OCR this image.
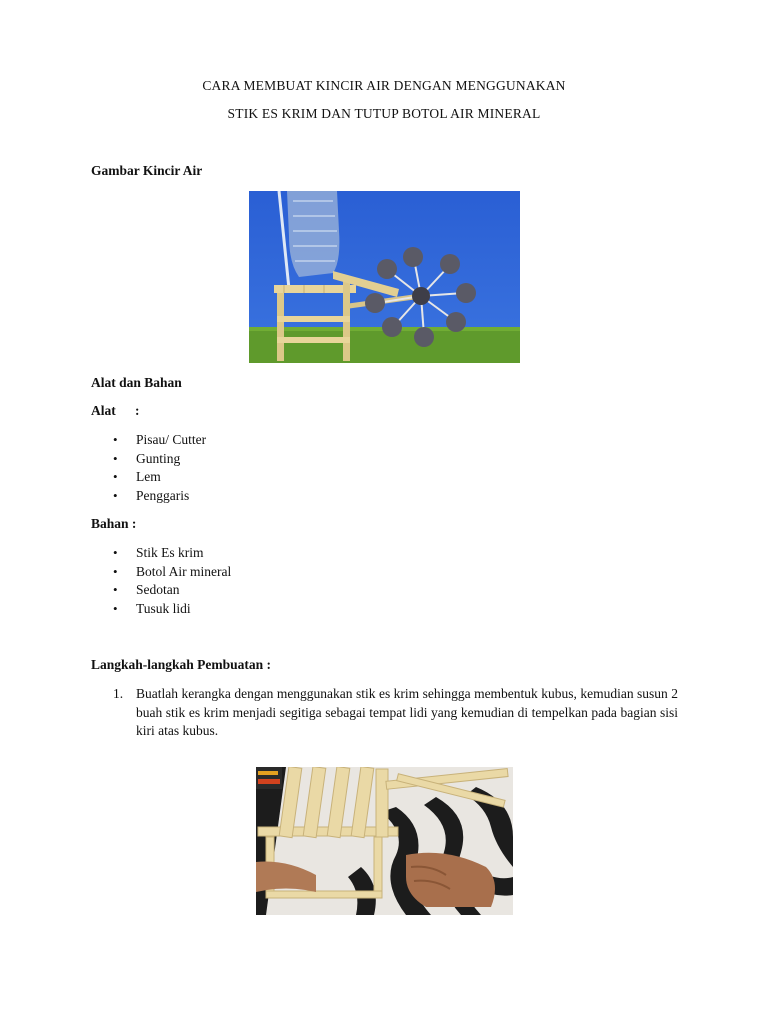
CARA MEMBUAT KINCIR AIR DENGAN MENGGUNAKAN
STIK ES KRIM DAN TUTUP BOTOL AIR MINERAL
Gambar Kincir Air
Alat dan Bahan
Alat :
• Pisau/ Cutter
• Gunting
• Lem
• Penggaris
Bahan :
• Stik Es krim
• Botol Air mineral
• Sedotan
• Tusuk lidi
Langkah-langkah Pembuatan :
1. Buatlah kerangka dengan menggunakan stik es krim sehingga membentuk kubus, kemudian susun 2 buah stik es krim menjadi segitiga sebagai tempat lidi yang kemudian di tempelkan pada bagian sisi kiri atas kubus.
